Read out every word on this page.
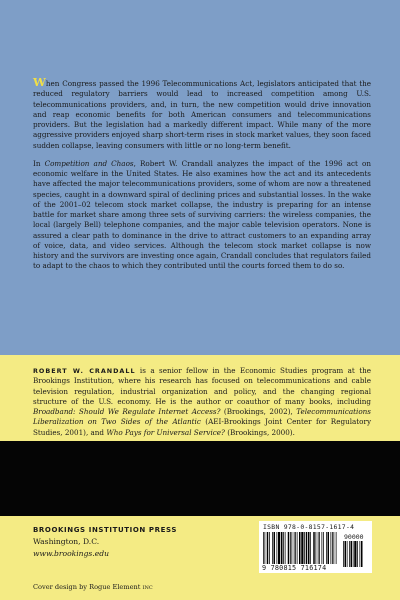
When Congress passed the 1996 Telecommunications Act, legislators anticipated that the reduced regulatory barriers would lead to increased competition among U.S. telecommunications providers, and, in turn, the new competition would drive innovation and reap economic benefits for both American consumers and telecommunications providers. But the legislation had a markedly different impact. While many of the more aggressive providers enjoyed sharp short-term rises in stock market values, they soon faced sudden collapse, leaving consumers with little or no long-term benefit.

In Competition and Chaos, Robert W. Crandall analyzes the impact of the 1996 act on economic welfare in the United States. He also examines how the act and its antecedents have affected the major telecommunications providers, some of whom are now a threatened species, caught in a downward spiral of declining prices and substantial losses. In the wake of the 2001–02 telecom stock market collapse, the industry is preparing for an intense battle for market share among three sets of surviving carriers: the wireless companies, the local (largely Bell) telephone companies, and the major cable television operators. None is assured a clear path to dominance in the drive to attract customers to an expanding array of voice, data, and video services. Although the telecom stock market collapse is now history and the survivors are investing once again, Crandall concludes that regulators failed to adapt to the chaos to which they contributed until the courts forced them to do so.

ROBERT W. CRANDALL is a senior fellow in the Economic Studies program at the Brookings Institution, where his research has focused on telecommunications and cable television regulation, industrial organization and policy, and the changing regional structure of the U.S. economy. He is the author or coauthor of many books, including Broadband: Should We Regulate Internet Access? (Brookings, 2002), Telecommunications Liberalization on Two Sides of the Atlantic (AEI-Brookings Joint Center for Regulatory Studies, 2001), and Who Pays for Universal Service? (Brookings, 2000).
BROOKINGS INSTITUTION PRESS
Washington, D.C.
www.brookings.edu
Cover design by Rogue Element INC
ISBN 978-0-8157-1617-4
90000
9 780815 716174
